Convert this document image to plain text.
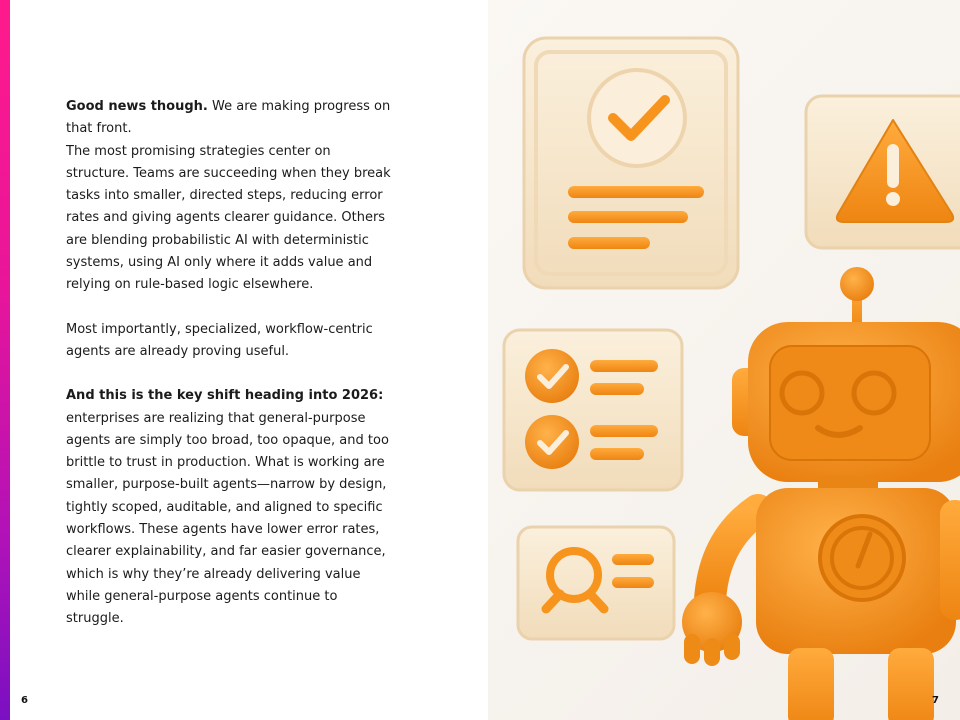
Good news though. We are making progress on that front.

The most promising strategies center on structure. Teams are succeeding when they break tasks into smaller, directed steps, reducing error rates and giving agents clearer guidance. Others are blending probabilistic AI with deterministic systems, using AI only where it adds value and relying on rule-based logic elsewhere.

Most importantly, specialized, workflow-centric agents are already proving useful.

And this is the key shift heading into 2026:
enterprises are realizing that general-purpose agents are simply too broad, too opaque, and too brittle to trust in production. What is working are smaller, purpose-built agents—narrow by design, tightly scoped, auditable, and aligned to specific workflows. These agents have lower error rates, clearer explainability, and far easier governance, which is why they’re already delivering value while general-purpose agents continue to struggle.

6	7
